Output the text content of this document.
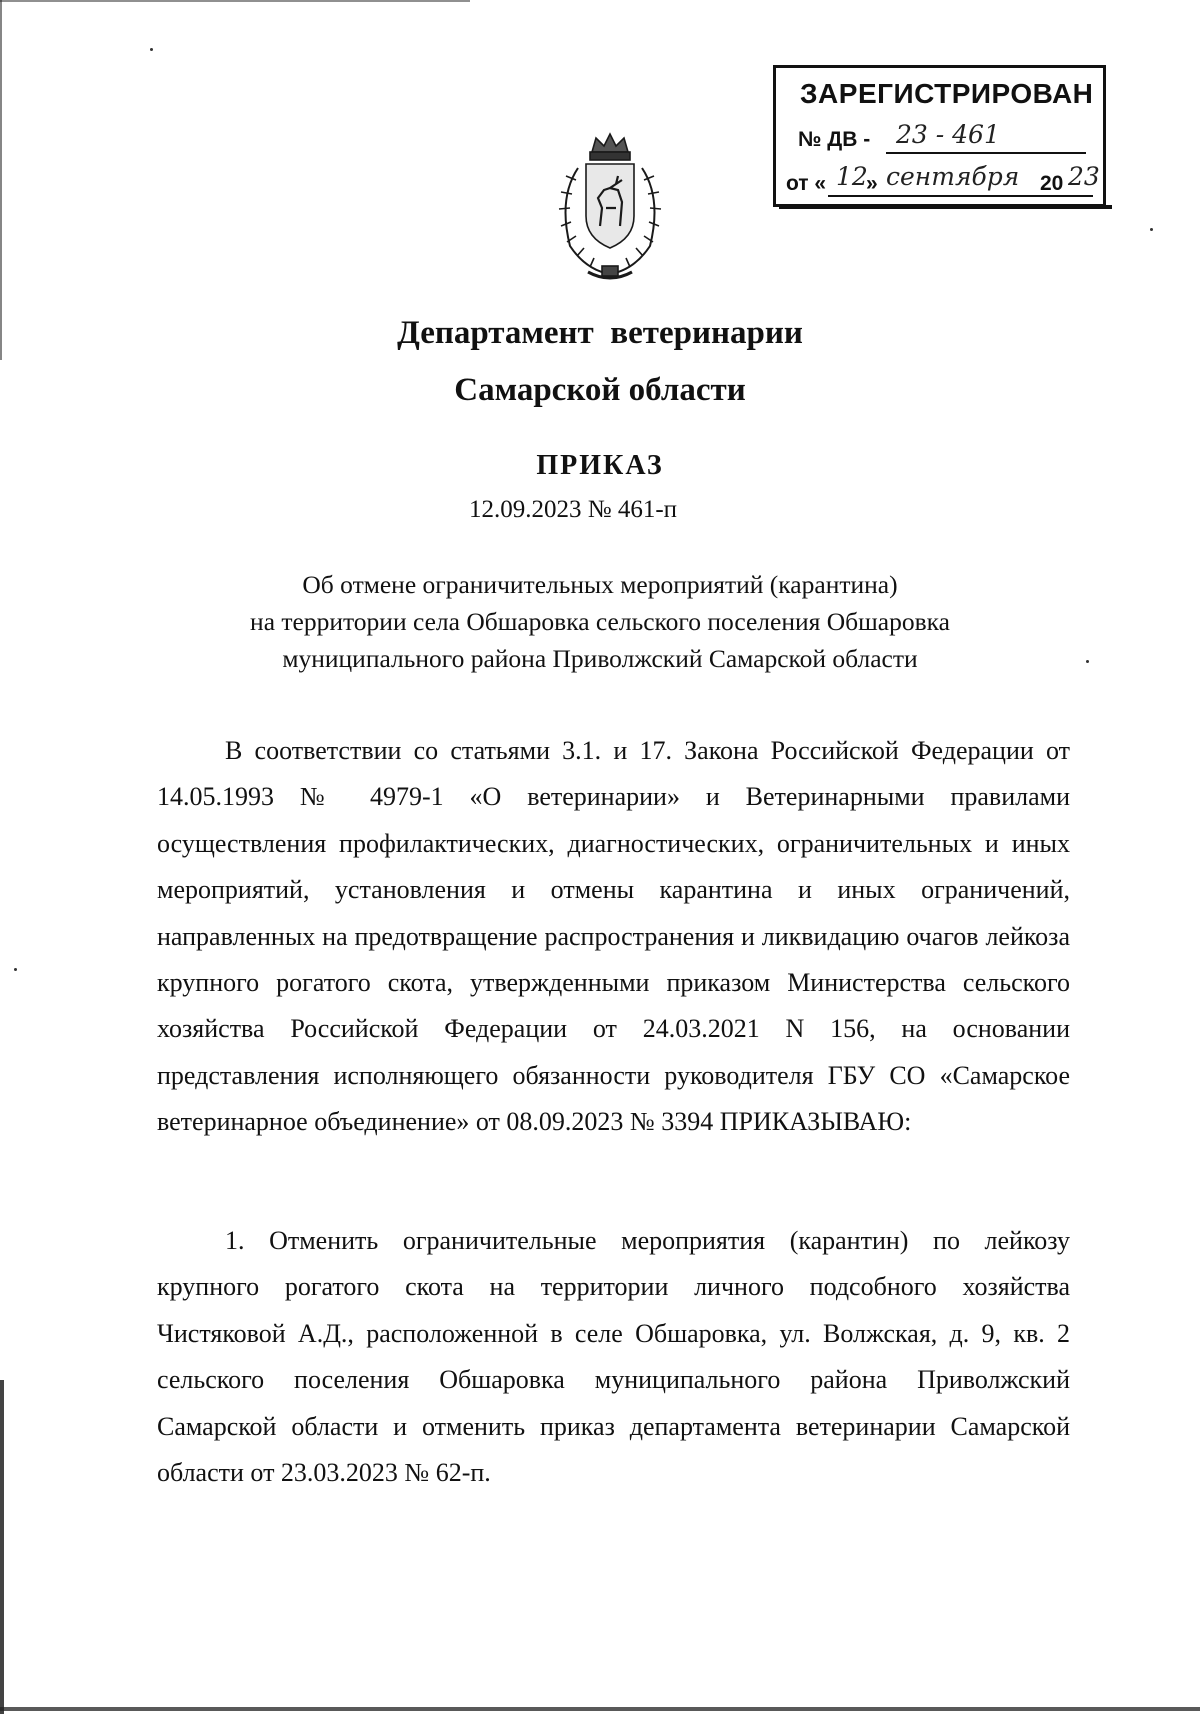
ЗАРЕГИСТРИРОВАН
№ ДВ - 23 - 461
от « 12
» сентября 20 23
Департамент  ветеринарии
Самарской области
ПРИКАЗ
12.09.2023 № 461-п
Об отмене ограничительных мероприятий (карантина)
на территории села Обшаровка сельского поселения Обшаровка
муниципального района Приволжский Самарской области

В соответствии со статьями 3.1. и 17. Закона Российской Федерации от 14.05.1993 № 4979-1 «О ветеринарии» и Ветеринарными правилами осуществления профилактических, диагностических, ограничительных и иных мероприятий, установления и отмены карантина и иных ограничений, направленных на предотвращение распространения и ликвидацию очагов лейкоза крупного рогатого скота, утвержденными приказом Министерства сельского хозяйства Российской Федерации от 24.03.2021 N 156, на основании представления исполняющего обязанности руководителя ГБУ СО «Самарское ветеринарное объединение» от 08.09.2023 № 3394 ПРИКАЗЫВАЮ:

1. Отменить ограничительные мероприятия (карантин) по лейкозу крупного рогатого скота на территории личного подсобного хозяйства Чистяковой А.Д., расположенной в селе Обшаровка, ул. Волжская, д. 9, кв. 2 сельского поселения Обшаровка муниципального района Приволжский Самарской области и отменить приказ департамента ветеринарии Самарской области от 23.03.2023 № 62-п.
